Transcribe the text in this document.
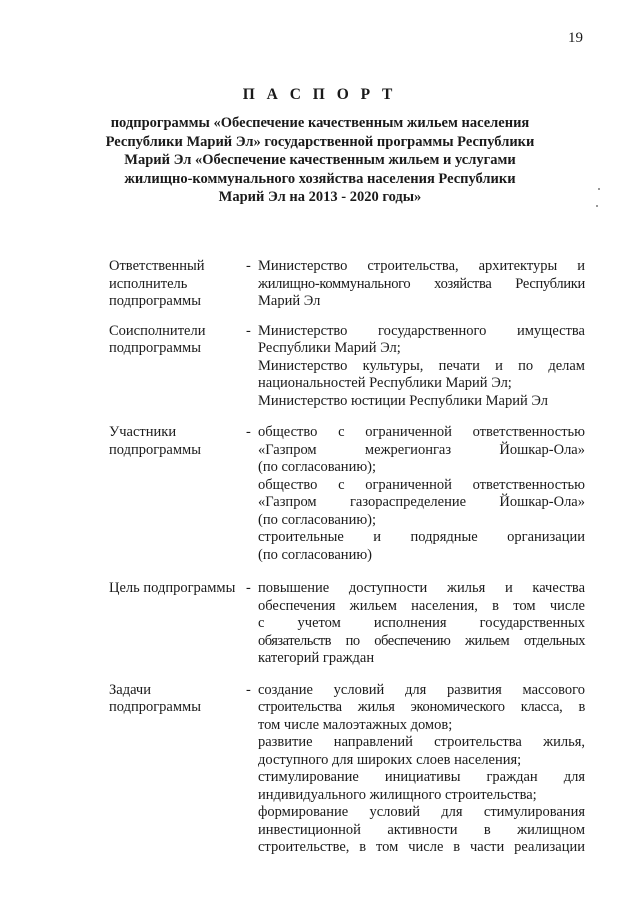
19
П А С П О Р Т
подпрограммы «Обеспечение качественным жильем населения
Республики Марий Эл» государственной программы Республики
Марий Эл «Обеспечение качественным жильем и услугами
жилищно-коммунального хозяйства населения Республики
Марий Эл на 2013 - 2020 годы»
Ответственный
исполнитель
подпрограммы
- Министерство строительства, архитектуры и
жилищно-коммунального хозяйства Республики
Марий Эл
Соисполнители
подпрограммы
- Министерство государственного имущества
Республики Марий Эл;
Министерство культуры, печати и по делам
национальностей Республики Марий Эл;
Министерство юстиции Республики Марий Эл
Участники
подпрограммы
- общество с ограниченной ответственностью
«Газпром межрегионгаз Йошкар-Ола»
(по согласованию);
общество с ограниченной ответственностью
«Газпром газораспределение Йошкар-Ола»
(по согласованию);
строительные и подрядные организации
(по согласованию)
Цель подпрограммы - повышение доступности жилья и качества
обеспечения жильем населения, в том числе
с учетом исполнения государственных
обязательств по обеспечению жильем отдельных
категорий граждан
Задачи
подпрограммы
- создание условий для развития массового
строительства жилья экономического класса, в
том числе малоэтажных домов;
развитие направлений строительства жилья,
доступного для широких слоев населения;
стимулирование инициативы граждан для
индивидуального жилищного строительства;
формирование условий для стимулирования
инвестиционной активности в жилищном
строительстве, в том числе в части реализации
